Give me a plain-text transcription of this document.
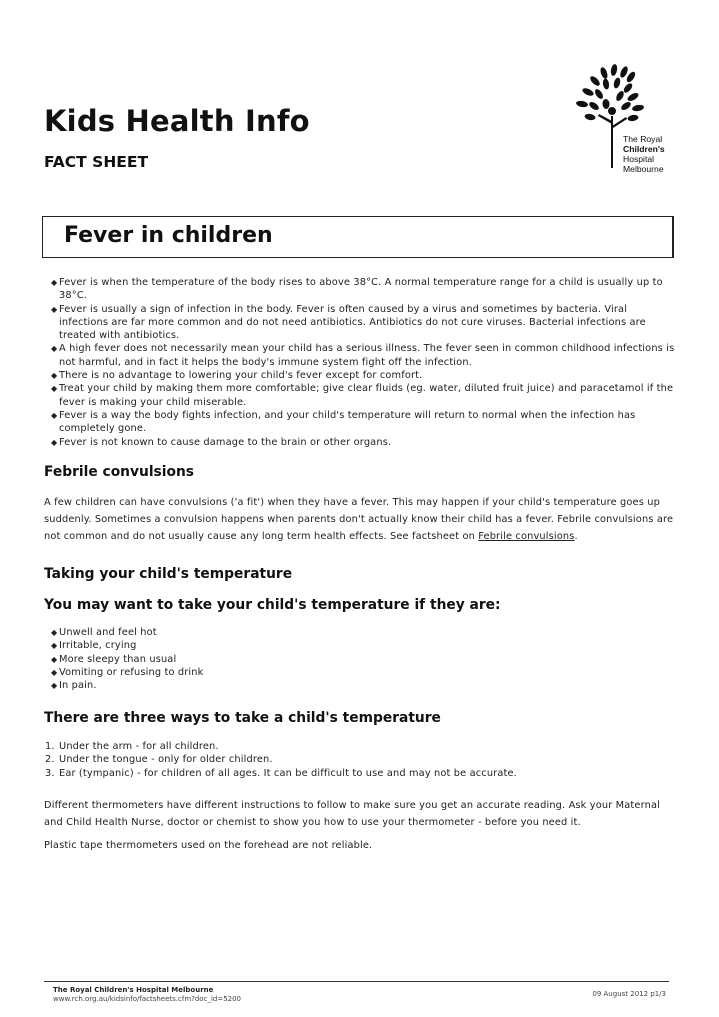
Kids Health Info
FACT SHEET
The Royal
Children's
Hospital
Melbourne
Fever in children
◆ Fever is when the temperature of the body rises to above 38°C. A normal temperature range for a child is usually up to 38°C.
◆ Fever is usually a sign of infection in the body. Fever is often caused by a virus and sometimes by bacteria. Viral infections are far more common and do not need antibiotics. Antibiotics do not cure viruses. Bacterial infections are treated with antibiotics.
◆ A high fever does not necessarily mean your child has a serious illness. The fever seen in common childhood infections is not harmful, and in fact it helps the body's immune system fight off the infection.
◆ There is no advantage to lowering your child's fever except for comfort.
◆ Treat your child by making them more comfortable; give clear fluids (eg. water, diluted fruit juice) and paracetamol if the fever is making your child miserable.
◆ Fever is a way the body fights infection, and your child's temperature will return to normal when the infection has completely gone.
◆ Fever is not known to cause damage to the brain or other organs.
Febrile convulsions
A few children can have convulsions ('a fit') when they have a fever. This may happen if your child's temperature goes up suddenly. Sometimes a convulsion happens when parents don't actually know their child has a fever. Febrile convulsions are not common and do not usually cause any long term health effects. See factsheet on Febrile convulsions.
Taking your child's temperature
You may want to take your child's temperature if they are:
◆ Unwell and feel hot
◆ Irritable, crying
◆ More sleepy than usual
◆ Vomiting or refusing to drink
◆ In pain.
There are three ways to take a child's temperature
1. Under the arm - for all children.
2. Under the tongue - only for older children.
3. Ear (tympanic) - for children of all ages. It can be difficult to use and may not be accurate.
Different thermometers have different instructions to follow to make sure you get an accurate reading. Ask your Maternal and Child Health Nurse, doctor or chemist to show you how to use your thermometer - before you need it.
Plastic tape thermometers used on the forehead are not reliable.
The Royal Children's Hospital Melbourne
www.rch.org.au/kidsinfo/factsheets.cfm?doc_id=5200
09 August 2012 p1/3
